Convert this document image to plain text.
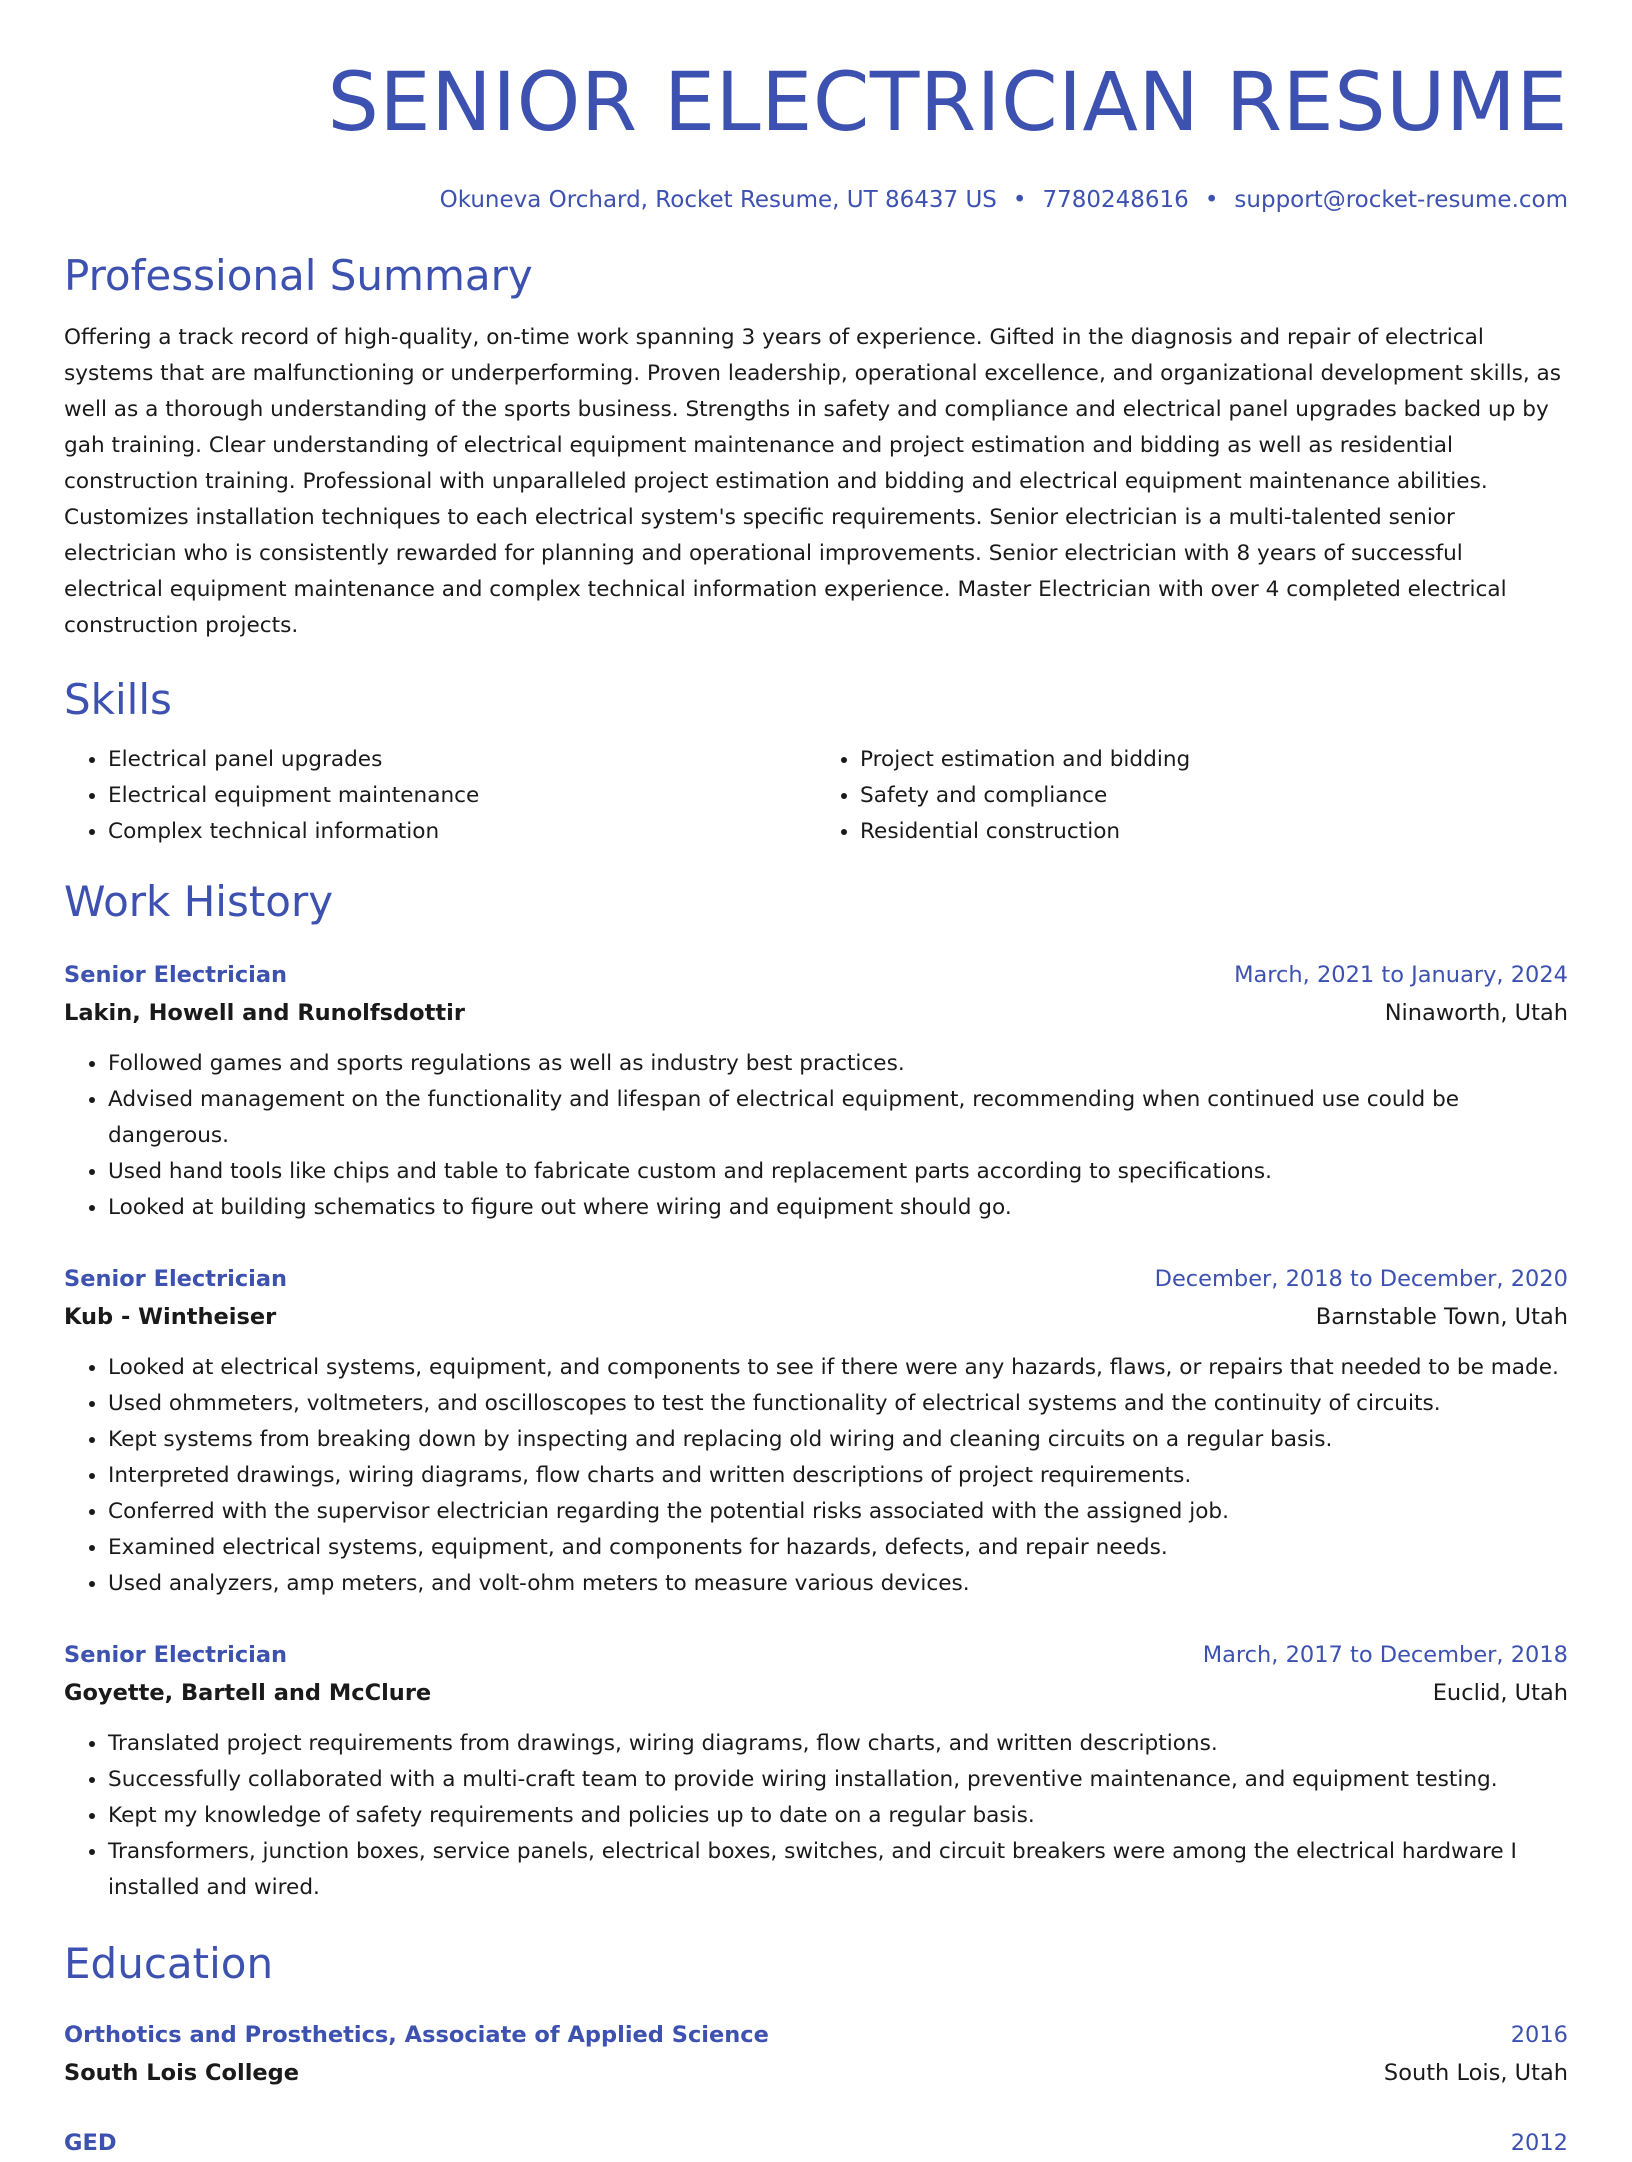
SENIOR ELECTRICIAN RESUME
Okuneva Orchard, Rocket Resume, UT 86437 US • 7780248616 • support@rocket-resume.com
Professional Summary

Offering a track record of high-quality, on-time work spanning 3 years of experience. Gifted in the diagnosis and repair of electrical systems that are malfunctioning or underperforming. Proven leadership, operational excellence, and organizational development skills, as well as a thorough understanding of the sports business. Strengths in safety and compliance and electrical panel upgrades backed up by gah training. Clear understanding of electrical equipment maintenance and project estimation and bidding as well as residential construction training. Professional with unparalleled project estimation and bidding and electrical equipment maintenance abilities. Customizes installation techniques to each electrical system's specific requirements. Senior electrician is a multi-talented senior electrician who is consistently rewarded for planning and operational improvements. Senior electrician with 8 years of successful electrical equipment maintenance and complex technical information experience. Master Electrician with over 4 completed electrical construction projects.

Skills
• Electrical panel upgrades
• Electrical equipment maintenance
• Complex technical information
• Project estimation and bidding
• Safety and compliance
• Residential construction
Work History
Senior Electrician	March, 2021 to January, 2024
Lakin, Howell and Runolfsdottir	Ninaworth, Utah
• Followed games and sports regulations as well as industry best practices.
• Advised management on the functionality and lifespan of electrical equipment, recommending when continued use could be dangerous.
• Used hand tools like chips and table to fabricate custom and replacement parts according to specifications.
• Looked at building schematics to figure out where wiring and equipment should go.
Senior Electrician	December, 2018 to December, 2020
Kub - Wintheiser	Barnstable Town, Utah
• Looked at electrical systems, equipment, and components to see if there were any hazards, flaws, or repairs that needed to be made.
• Used ohmmeters, voltmeters, and oscilloscopes to test the functionality of electrical systems and the continuity of circuits.
• Kept systems from breaking down by inspecting and replacing old wiring and cleaning circuits on a regular basis.
• Interpreted drawings, wiring diagrams, flow charts and written descriptions of project requirements.
• Conferred with the supervisor electrician regarding the potential risks associated with the assigned job.
• Examined electrical systems, equipment, and components for hazards, defects, and repair needs.
• Used analyzers, amp meters, and volt-ohm meters to measure various devices.
Senior Electrician	March, 2017 to December, 2018
Goyette, Bartell and McClure	Euclid, Utah
• Translated project requirements from drawings, wiring diagrams, flow charts, and written descriptions.
• Successfully collaborated with a multi-craft team to provide wiring installation, preventive maintenance, and equipment testing.
• Kept my knowledge of safety requirements and policies up to date on a regular basis.
• Transformers, junction boxes, service panels, electrical boxes, switches, and circuit breakers were among the electrical hardware I installed and wired.
Education
Orthotics and Prosthetics, Associate of Applied Science	2016
South Lois College	South Lois, Utah
GED	2012
